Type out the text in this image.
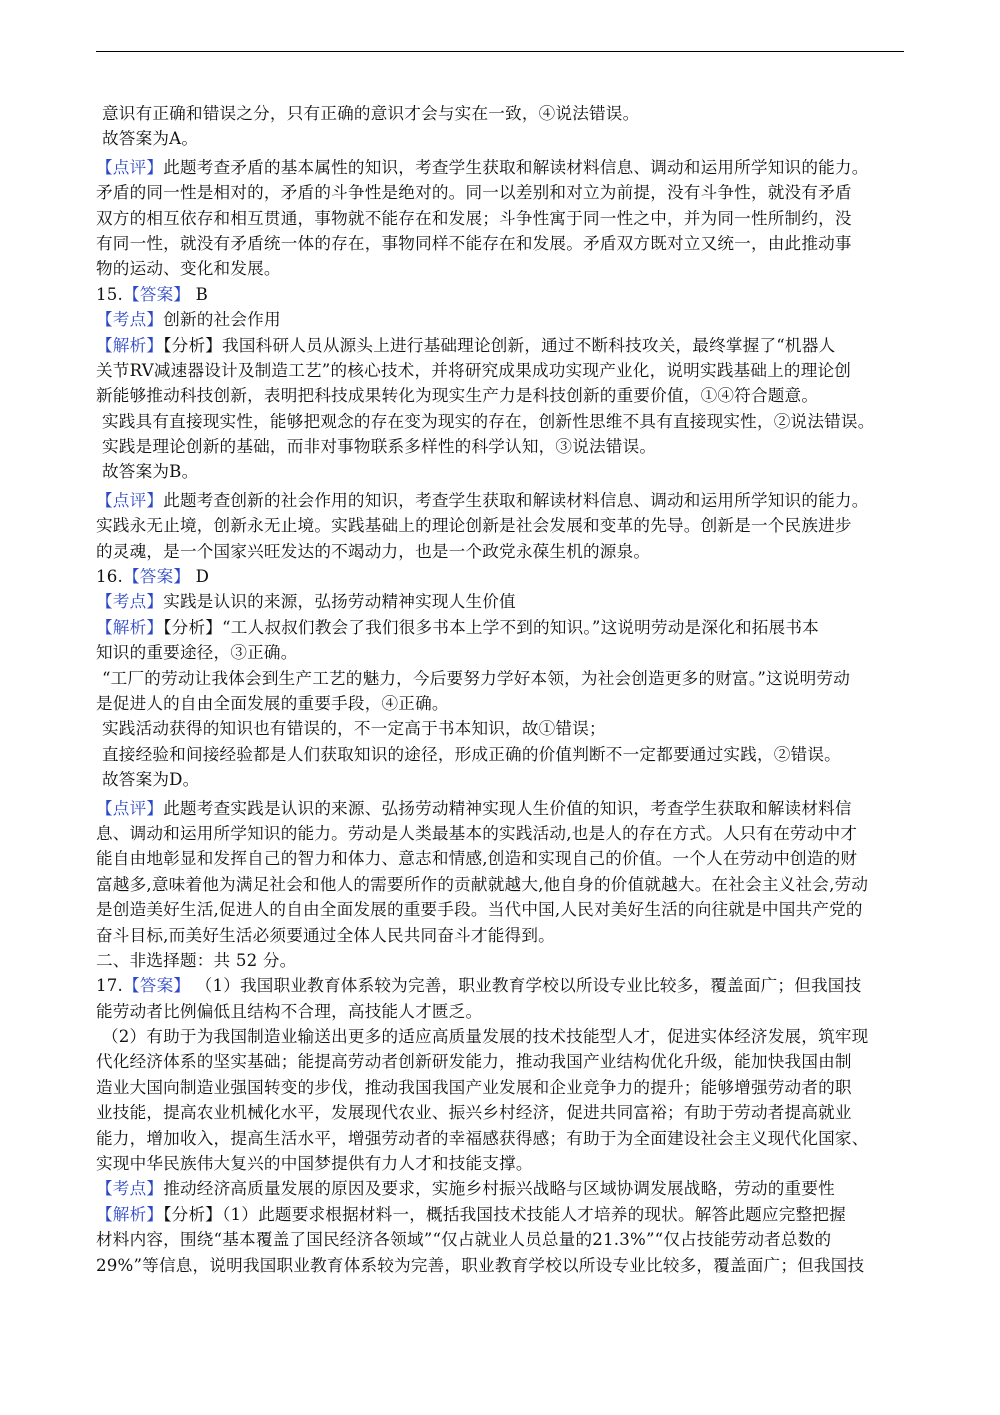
意识有正确和错误之分，只有正确的意识才会与实在一致，④说法错误。
故答案为A。
【点评】此题考查矛盾的基本属性的知识，考查学生获取和解读材料信息、调动和运用所学知识的能力。
矛盾的同一性是相对的，矛盾的斗争性是绝对的。同一以差别和对立为前提，没有斗争性，就没有矛盾
双方的相互依存和相互贯通，事物就不能存在和发展；斗争性寓于同一性之中，并为同一性所制约，没
有同一性，就没有矛盾统一体的存在，事物同样不能存在和发展。矛盾双方既对立又统一，由此推动事
物的运动、变化和发展。
15.【答案】 B
【考点】创新的社会作用
【解析】【分析】我国科研人员从源头上进行基础理论创新，通过不断科技攻关，最终掌握了“机器人
关节RV减速器设计及制造工艺”的核心技术，并将研究成果成功实现产业化，说明实践基础上的理论创
新能够推动科技创新，表明把科技成果转化为现实生产力是科技创新的重要价值，①④符合题意。
实践具有直接现实性，能够把观念的存在变为现实的存在，创新性思维不具有直接现实性，②说法错误。
实践是理论创新的基础，而非对事物联系多样性的科学认知，③说法错误。
故答案为B。
【点评】此题考查创新的社会作用的知识，考查学生获取和解读材料信息、调动和运用所学知识的能力。
实践永无止境，创新永无止境。实践基础上的理论创新是社会发展和变革的先导。创新是一个民族进步
的灵魂，是一个国家兴旺发达的不竭动力，也是一个政党永葆生机的源泉。
16.【答案】 D
【考点】实践是认识的来源，弘扬劳动精神实现人生价值
【解析】【分析】“工人叔叔们教会了我们很多书本上学不到的知识。”这说明劳动是深化和拓展书本
知识的重要途径，③正确。
“工厂的劳动让我体会到生产工艺的魅力，今后要努力学好本领，为社会创造更多的财富。”这说明劳动
是促进人的自由全面发展的重要手段，④正确。
实践活动获得的知识也有错误的，不一定高于书本知识，故①错误；
直接经验和间接经验都是人们获取知识的途径，形成正确的价值判断不一定都要通过实践，②错误。
故答案为D。
【点评】此题考查实践是认识的来源、弘扬劳动精神实现人生价值的知识，考查学生获取和解读材料信
息、调动和运用所学知识的能力。劳动是人类最基本的实践活动,也是人的存在方式。人只有在劳动中才
能自由地彰显和发挥自己的智力和体力、意志和情感,创造和实现自己的价值。一个人在劳动中创造的财
富越多,意味着他为满足社会和他人的需要所作的贡献就越大,他自身的价值就越大。在社会主义社会,劳动
是创造美好生活,促进人的自由全面发展的重要手段。当代中国,人民对美好生活的向往就是中国共产党的
奋斗目标,而美好生活必须要通过全体人民共同奋斗才能得到。
二、非选择题：共 52 分。
17.【答案】 （1）我国职业教育体系较为完善，职业教育学校以所设专业比较多，覆盖面广；但我国技
能劳动者比例偏低且结构不合理，高技能人才匮乏。
（2）有助于为我国制造业输送出更多的适应高质量发展的技术技能型人才，促进实体经济发展，筑牢现
代化经济体系的坚实基础；能提高劳动者创新研发能力，推动我国产业结构优化升级，能加快我国由制
造业大国向制造业强国转变的步伐，推动我国我国产业发展和企业竞争力的提升；能够增强劳动者的职
业技能，提高农业机械化水平，发展现代农业、振兴乡村经济，促进共同富裕；有助于劳动者提高就业
能力，增加收入，提高生活水平，增强劳动者的幸福感获得感；有助于为全面建设社会主义现代化国家、
实现中华民族伟大复兴的中国梦提供有力人才和技能支撑。
【考点】推动经济高质量发展的原因及要求，实施乡村振兴战略与区域协调发展战略，劳动的重要性
【解析】【分析】（1）此题要求根据材料一，概括我国技术技能人才培养的现状。解答此题应完整把握
材料内容，围绕“基本覆盖了国民经济各领域”“仅占就业人员总量的21.3%”“仅占技能劳动者总数的
29%”等信息，说明我国职业教育体系较为完善，职业教育学校以所设专业比较多，覆盖面广；但我国技
